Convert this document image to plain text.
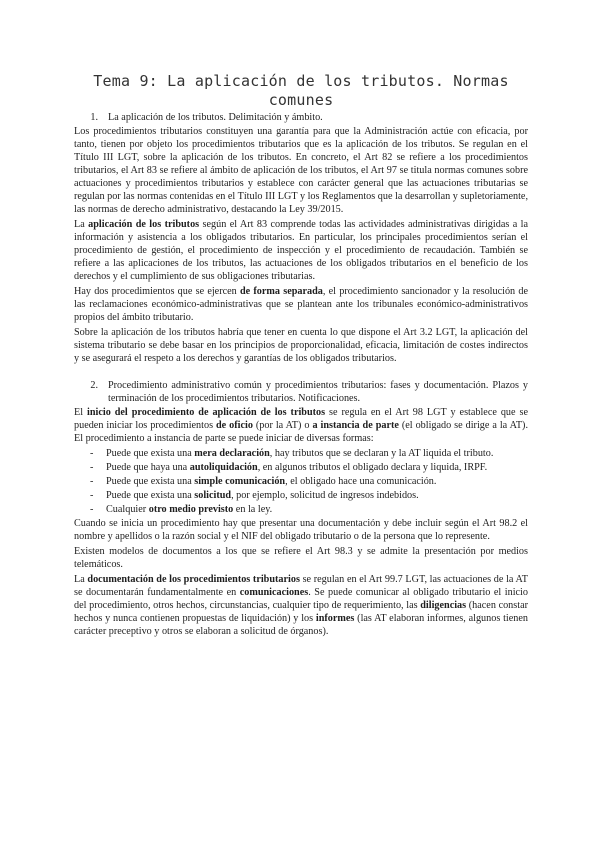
Tema 9: La aplicación de los tributos. Normas comunes
1. La aplicación de los tributos. Delimitación y ámbito.

Los procedimientos tributarios constituyen una garantía para que la Administración actúe con eficacia, por tanto, tienen por objeto los procedimientos tributarios que es la aplicación de los tributos. Se regulan en el Título III LGT, sobre la aplicación de los tributos. En concreto, el Art 82 se refiere a los procedimientos tributarios, el Art 83 se refiere al ámbito de aplicación de los tributos, el Art 97 se titula normas comunes sobre actuaciones y procedimientos tributarios y establece con carácter general que las actuaciones tributarias se regulan por las normas contenidas en el Título III LGT y los Reglamentos que la desarrollan y supletoriamente, las normas de derecho administrativo, destacando la Ley 39/2015.

La aplicación de los tributos según el Art 83 comprende todas las actividades administrativas dirigidas a la información y asistencia a los obligados tributarios. En particular, los principales procedimientos serían el procedimiento de gestión, el procedimiento de inspección y el procedimiento de recaudación. También se refiere a las aplicaciones de los tributos, las actuaciones de los obligados tributarios en el beneficio de los derechos y el cumplimiento de sus obligaciones tributarias.

Hay dos procedimientos que se ejercen de forma separada, el procedimiento sancionador y la resolución de las reclamaciones económico-administrativas que se plantean ante los tribunales económico-administrativos propios del ámbito tributario.

Sobre la aplicación de los tributos habría que tener en cuenta lo que dispone el Art 3.2 LGT, la aplicación del sistema tributario se debe basar en los principios de proporcionalidad, eficacia, limitación de costes indirectos y se asegurará el respeto a los derechos y garantías de los obligados tributarios.

2. Procedimiento administrativo común y procedimientos tributarios: fases y documentación. Plazos y terminación de los procedimientos tributarios. Notificaciones.

El inicio del procedimiento de aplicación de los tributos se regula en el Art 98 LGT y establece que se pueden iniciar los procedimientos de oficio (por la AT) o a instancia de parte (el obligado se dirige a la AT). El procedimiento a instancia de parte se puede iniciar de diversas formas:

-	Puede que exista una mera declaración, hay tributos que se declaran y la AT liquida el tributo.
-	Puede que haya una autoliquidación, en algunos tributos el obligado declara y liquida, IRPF.
-	Puede que exista una simple comunicación, el obligado hace una comunicación.
-	Puede que exista una solicitud, por ejemplo, solicitud de ingresos indebidos.
-	Cualquier otro medio previsto en la ley.

Cuando se inicia un procedimiento hay que presentar una documentación y debe incluir según el Art 98.2 el nombre y apellidos o la razón social y el NIF del obligado tributario o de la persona que lo represente.

Existen modelos de documentos a los que se refiere el Art 98.3 y se admite la presentación por medios telemáticos.

La documentación de los procedimientos tributarios se regulan en el Art 99.7 LGT, las actuaciones de la AT se documentarán fundamentalmente en comunicaciones. Se puede comunicar al obligado tributario el inicio del procedimiento, otros hechos, circunstancias, cualquier tipo de requerimiento, las diligencias (hacen constar hechos y nunca contienen propuestas de liquidación) y los informes (las AT elaboran informes, algunos tienen carácter preceptivo y otros se elaboran a solicitud de órganos).
